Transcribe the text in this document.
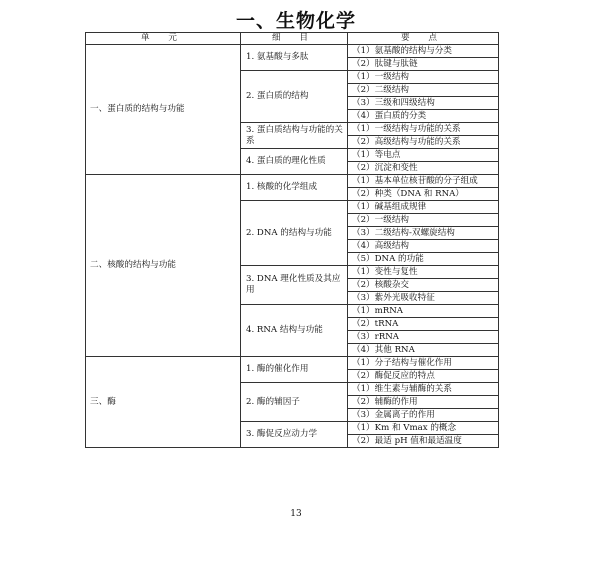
一、生物化学
单 元	细 目	要 点
一、蛋白质的结构与功能	1. 氨基酸与多肽	（1）氨基酸的结构与分类
		（2）肽键与肽链
	2. 蛋白质的结构	（1）一级结构
		（2）二级结构
		（3）三级和四级结构
		（4）蛋白质的分类
	3. 蛋白质结构与功能的关系	（1）一级结构与功能的关系
		（2）高级结构与功能的关系
	4. 蛋白质的理化性质	（1）等电点
		（2）沉淀和变性
二、核酸的结构与功能	1. 核酸的化学组成	（1）基本单位核苷酸的分子组成
		（2）种类（DNA 和 RNA）
	2. DNA 的结构与功能	（1）碱基组成规律
		（2）一级结构
		（3）二级结构-双螺旋结构
		（4）高级结构
		（5）DNA 的功能
	3. DNA 理化性质及其应用	（1）变性与复性
		（2）核酸杂交
		（3）紫外光吸收特征
	4. RNA 结构与功能	（1）mRNA
		（2）tRNA
		（3）rRNA
		（4）其他 RNA
三、酶	1. 酶的催化作用	（1）分子结构与催化作用
		（2）酶促反应的特点
	2. 酶的辅因子	（1）维生素与辅酶的关系
		（2）辅酶的作用
		（3）金属离子的作用
	3. 酶促反应动力学	（1）Km 和 Vmax 的概念
		（2）最适 pH 值和最适温度
13
